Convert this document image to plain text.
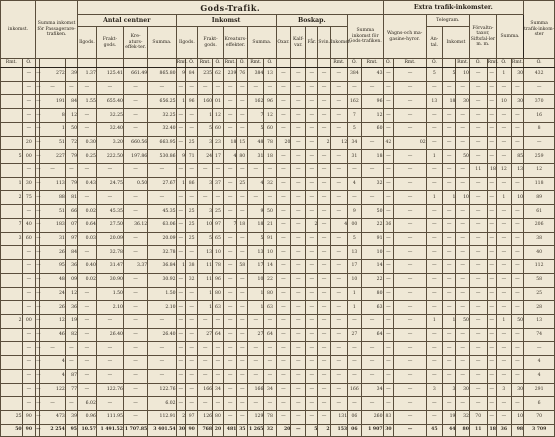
inkomst.		Summa inkomst för Passagerare-trafiken.			Gods-Trafik.																			Extra trafik-inkomster.									Summa trafik-inkom-ster	
					Antal centner				Inkomst								Boskap.					Summa inkomst för Gods-trafiken.		Wagns-och ma-gasine-hyror.		Telegram.			Förvaltn-taxor, Siftsfal-ler m. m.		Summa.			
					Ilgods.	Frakt-gods.	Kre-aturs-effek-ter.	Summa.	Ilgods.		Frakt-gods.		Kreaturs-effekter.		Summa.		Oxar.	Kalf-var.	Får.	Svin.	Inkomst.					An-tal.	Inkomst							
Rmt.	Ö.								Rmt.	Ö.	Rmt.	Ö.	Rmt.	Ö.	Rmt.	Ö.					Rmt.	Ö.	Rmt.	Ö.	Rmt.	Ö.		Rmt.	Ö.	Rmt.	Ö.	Rmt.	Ö.	
	—	—	272	39	1.37	125.41	661.49	865.80	9	84	235	62	239	76	384	13	—	—	—	—	—	384	43	—	—	5	5	10	—	—	1	30	432	
	—	—	—	—	—	—	—	—	—	—	—	—	—	—	—	—	—	—	—	—	—	—	—	—	—	—	—	—	—	—	—	—	—	
	—	—	191	84	1.55	655.40	—	656.25	1	96	160	01	—	—	162	96	—	—	—	—	—	162	96	—	—	13	18	30	—	—	10	30	370	
	—	—	8	12	—	32.25	—	32.25	—	—	1	12	—	—	7	12	—	—	—	—	—	7	12	—	—	—	—	—	—	—	—	—	16	
	—	—	1	50	—	32.40	—	32.40	—	—	5	60	—	—	5	60	—	—	—	—	—	5	60	—	—	—	—	—	—	—	—	—	8	
	20	—	51	72	0.30	3.20	660.56	663.95	—	25	3	23	18	15	48	78	20	—	—	2	12	34	—	42	02	—	—	—	—	—	—	—	—	
5	00	—	227	79	0.25	222.50	197.86	530.86	9	71	24	17	4	80	31	18	—	—	—	—	—	31	18	—	—	1	—	50	—	—	—	85	259	
	—	—	—	—	—	—	—	—	—	—	—	—	—	—	—	—	—	—	—	—	—	—	—	—	—	—	—	—	11	18	12	13	12	
1	30	—	113	79	0.43	24.75	0.50	27.67	1	86	3	37	—	25	4	32	—	—	—	—	—	4	32	—	—	—	—	—	—	—	—	—	118	
2	75	—	88	81	—	—	—	—	—	—	—	—	—	—	—	—	—	—	—	—	—	—	—	—	—	1	1	10	—	—	1	10	89	
	—	—	51	66	0.02	45.35	—	45.35	—	25	3	25	—	—	9	50	—	—	—	—	—	9	50	—	—	—	—	—	—	—	—	—	61	
7	40	—	183	07	0.64	27.50	36.12	63.06	—	25	10	97	7	18	18	21	—	—	2	—	4	00	22	36	—	—	—	—	—	—	—	—	206	
3	60	—	31	97	0.03	20.09	—	20.09	—	25	5	65	—	—	5	91	—	—	—	—	—	5	91	—	—	—	—	—	—	—	—	—	38	
	—	—	26	84	—	32.78	—	32.78	—	—	13	10	—	—	13	10	—	—	—	—	—	13	10	—	—	—	—	—	—	—	—	—	40	
	—	—	95	36	0.40	31.47	3.37	36.84	1	38	11	78	—	58	17	14	—	—	—	—	—	17	14	—	—	—	—	—	—	—	—	—	112	
	—	—	48	09	0.02	30.90	—	30.92	—	32	11	96	—	—	10	22	—	—	—	—	—	10	22	—	—	—	—	—	—	—	—	—	58	
	—	—	24	12	—	1.50	—	1.50	—	—	1	80	—	—	1	80	—	—	—	—	—	1	80	—	—	—	—	—	—	—	—	—	25	
	—	—	26	36	—	2.10	—	2.10	—	—	1	63	—	—	1	63	—	—	—	—	—	1	63	—	—	—	—	—	—	—	—	—	28	
2	00	—	12	19	—	—	—	—	—	—	—	—	—	—	—	—	—	—	—	—	—	—	—	—	—	1	1	50	—	—	1	50	13	
	—	—	46	82	—	26.40	—	26.40	—	—	27	64	—	—	27	64	—	—	—	—	—	27	64	—	—	—	—	—	—	—	—	—	74	
	—	—	—	—	—	—	—	—	—	—	—	—	—	—	—	—	—	—	—	—	—	—	—	—	—	—	—	—	—	—	—	—	—	
	—	—	4	—	—	—	—	—	—	—	—	—	—	—	—	—	—	—	—	—	—	—	—	—	—	—	—	—	—	—	—	—	4	
	—	—	4	87	—	—	—	—	—	—	—	—	—	—	—	—	—	—	—	—	—	—	—	—	—	—	—	—	—	—	—	—	4	
	—	—	122	77	—	122.76	—	122.76	—	—	166	34	—	—	166	34	—	—	—	—	—	166	34	—	—	3	3	30	—	—	3	30	291	
	—	—	—	—	6.02	—	—	6.02	—	—	—	—	—	—	—	—	—	—	—	—	—	—	—	—	—	—	—	—	—	—	—	—	6	
25	90	—	473	39	0.96	111.95	—	112.91	2	97	126	80	—	—	129	78	—	—	—	—	131	06	260	83	—	—	19	32	70	—	—	10	70	
50	90	—	2 254	95	10.57	1 491.52	1 707.85	3 401.54	30	90	768	20	481	35	1 265	32	20	—	5	2	153	06	1 907	30	—	45	44	80	11	18	36	98	3 709	
